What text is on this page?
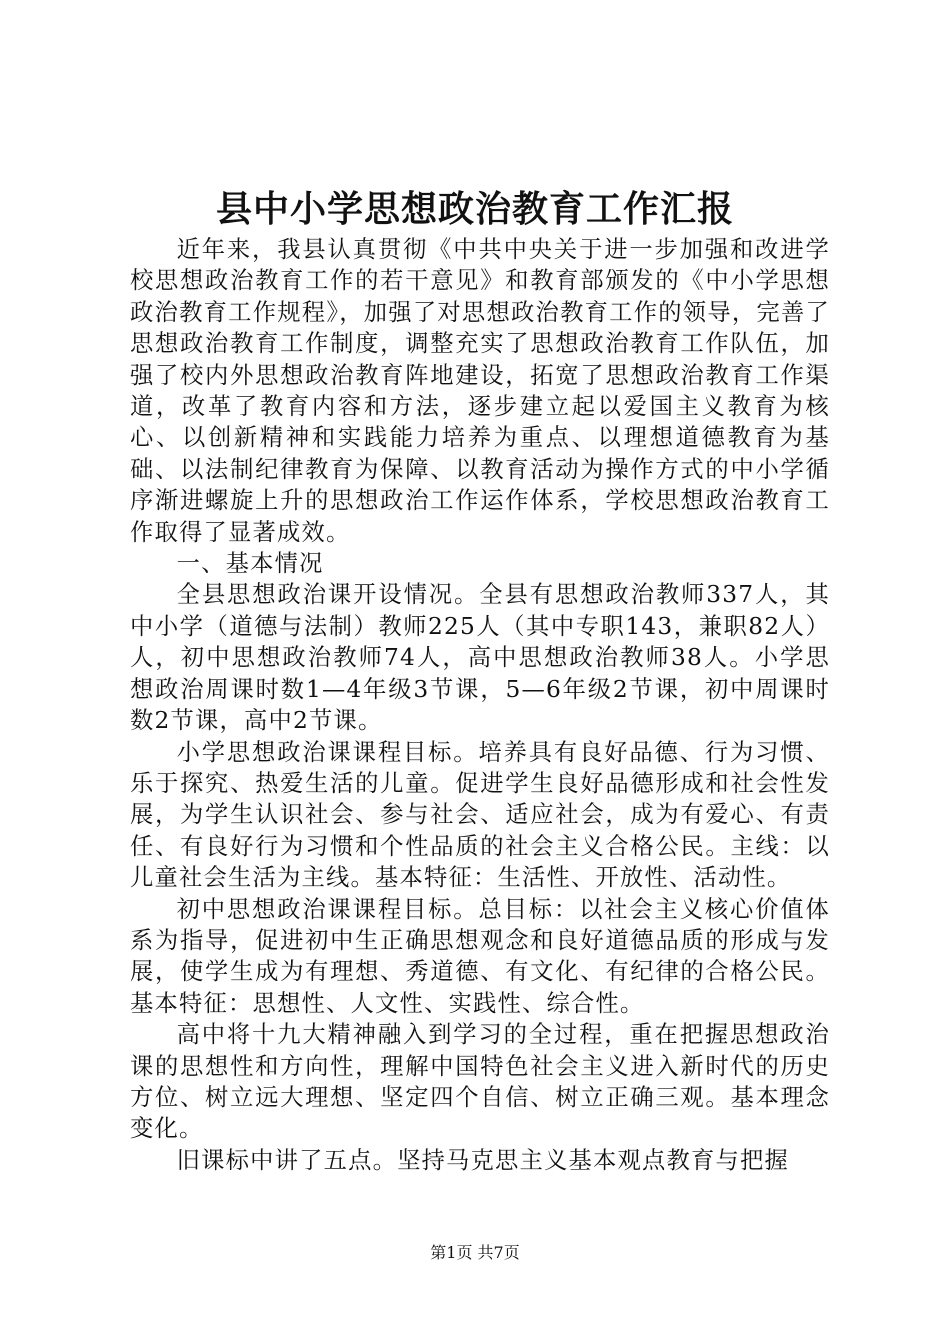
县中小学思想政治教育工作汇报

近年来，我县认真贯彻《中共中央关于进一步加强和改进学校思想政治教育工作的若干意见》和教育部颁发的《中小学思想政治教育工作规程》，加强了对思想政治教育工作的领导，完善了思想政治教育工作制度，调整充实了思想政治教育工作队伍，加强了校内外思想政治教育阵地建设，拓宽了思想政治教育工作渠道，改革了教育内容和方法，逐步建立起以爱国主义教育为核心、以创新精神和实践能力培养为重点、以理想道德教育为基础、以法制纪律教育为保障、以教育活动为操作方式的中小学循序渐进螺旋上升的思想政治工作运作体系，学校思想政治教育工作取得了显著成效。

一、基本情况

全县思想政治课开设情况。全县有思想政治教师337人，其中小学（道德与法制）教师225人（其中专职143，兼职82人）人，初中思想政治教师74人，高中思想政治教师38人。小学思想政治周课时数1—4年级3节课，5—6年级2节课，初中周课时数2节课，高中2节课。

小学思想政治课课程目标。培养具有良好品德、行为习惯、乐于探究、热爱生活的儿童。促进学生良好品德形成和社会性发展，为学生认识社会、参与社会、适应社会，成为有爱心、有责任、有良好行为习惯和个性品质的社会主义合格公民。主线：以儿童社会生活为主线。基本特征：生活性、开放性、活动性。

初中思想政治课课程目标。总目标：以社会主义核心价值体系为指导，促进初中生正确思想观念和良好道德品质的形成与发展，使学生成为有理想、秀道德、有文化、有纪律的合格公民。基本特征：思想性、人文性、实践性、综合性。

高中将十九大精神融入到学习的全过程，重在把握思想政治课的思想性和方向性，理解中国特色社会主义进入新时代的历史方位、树立远大理想、坚定四个自信、树立正确三观。基本理念变化。

旧课标中讲了五点。坚持马克思主义基本观点教育与把握

第1页 共7页
